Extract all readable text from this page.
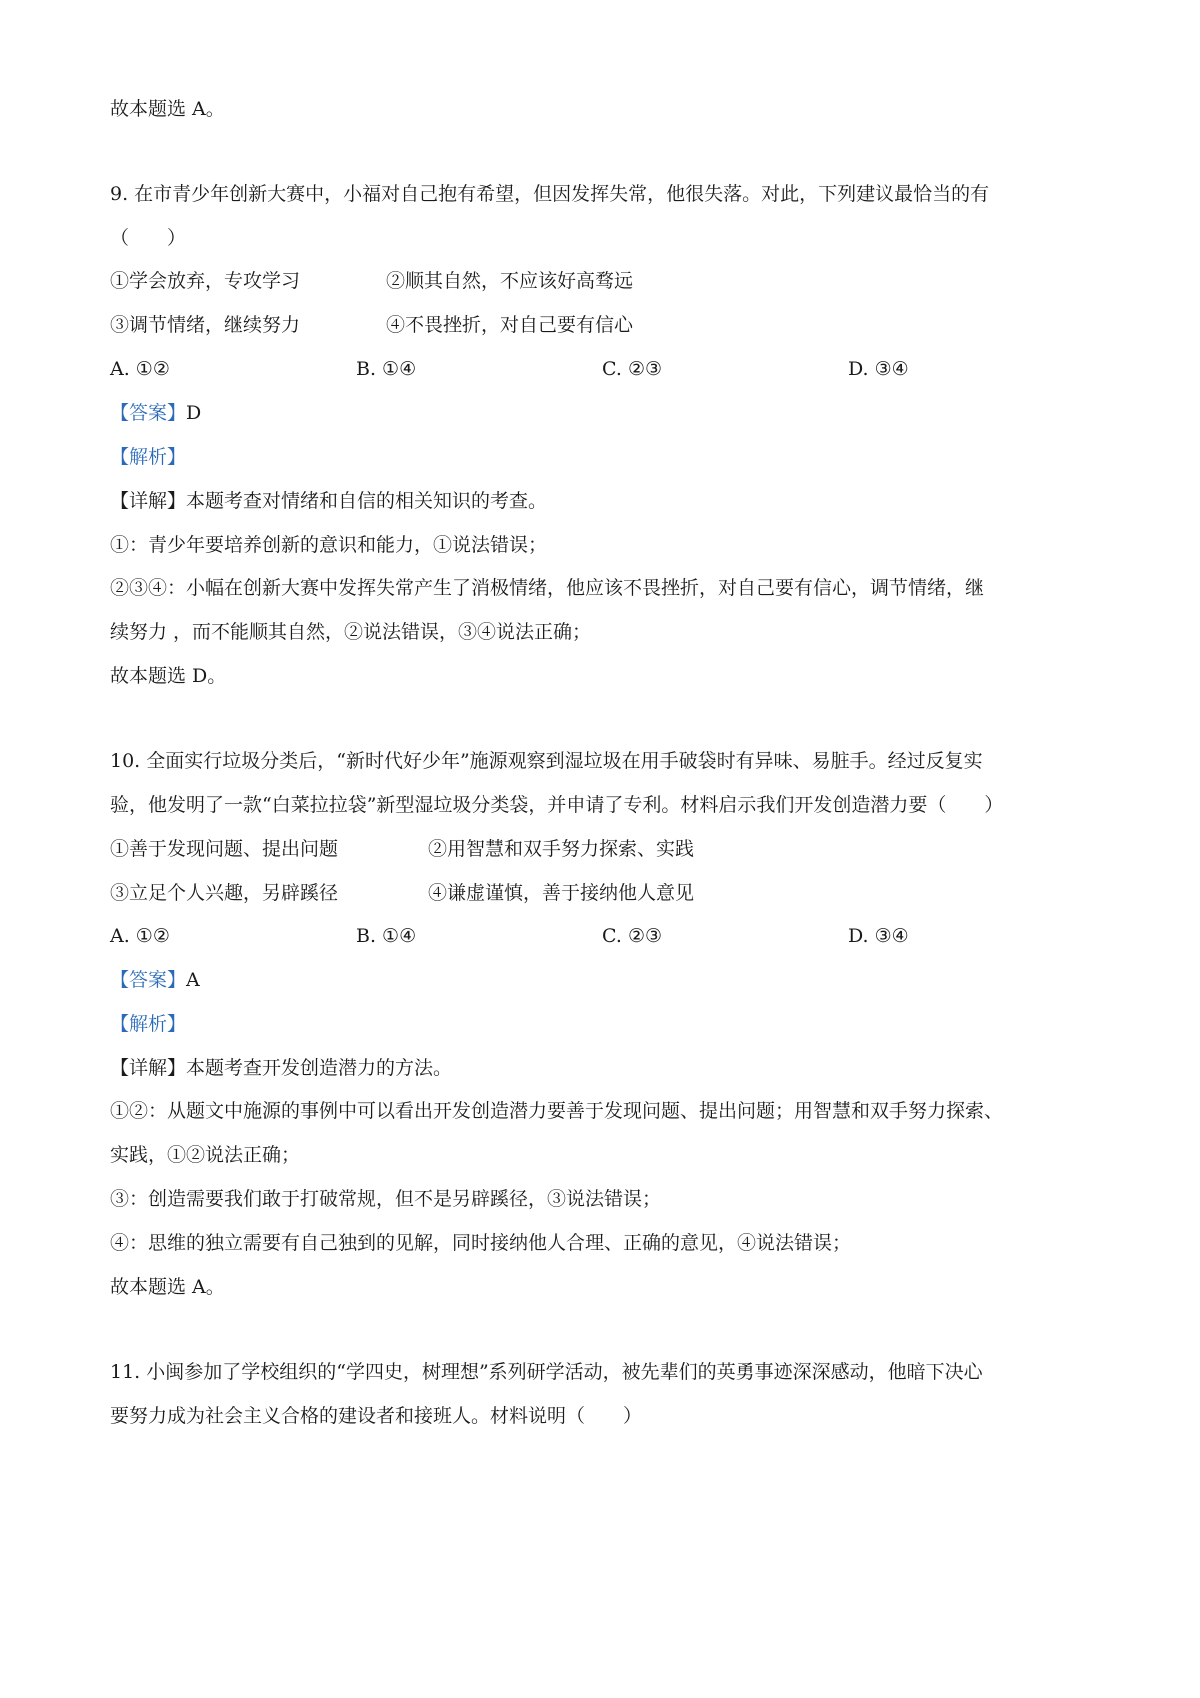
故本题选 A。
9. 在市青少年创新大赛中，小福对自己抱有希望，但因发挥失常，他很失落。对此，下列建议最恰当的有
（　　）
①学会放弃，专攻学习	②顺其自然，不应该好高骛远
③调节情绪，继续努力	④不畏挫折，对自己要有信心
A. ①②	B. ①④	C. ②③	D. ③④
【答案】D
【解析】
【详解】本题考查对情绪和自信的相关知识的考查。
①：青少年要培养创新的意识和能力，①说法错误；
②③④：小幅在创新大赛中发挥失常产生了消极情绪，他应该不畏挫折，对自己要有信心，调节情绪，继
续努力 ，而不能顺其自然，②说法错误，③④说法正确；
故本题选 D。
10. 全面实行垃圾分类后，“新时代好少年”施源观察到湿垃圾在用手破袋时有异味、易脏手。经过反复实
验，他发明了一款“白菜拉拉袋”新型湿垃圾分类袋，并申请了专利。材料启示我们开发创造潜力要（　　）
①善于发现问题、提出问题	②用智慧和双手努力探索、实践
③立足个人兴趣，另辟蹊径	④谦虚谨慎，善于接纳他人意见
A. ①②	B. ①④	C. ②③	D. ③④
【答案】A
【解析】
【详解】本题考查开发创造潜力的方法。
①②：从题文中施源的事例中可以看出开发创造潜力要善于发现问题、提出问题；用智慧和双手努力探索、
实践，①②说法正确；
③：创造需要我们敢于打破常规，但不是另辟蹊径，③说法错误；
④：思维的独立需要有自己独到的见解，同时接纳他人合理、正确的意见，④说法错误；
故本题选 A。
11. 小闽参加了学校组织的“学四史，树理想”系列研学活动，被先辈们的英勇事迹深深感动，他暗下决心
要努力成为社会主义合格的建设者和接班人。材料说明（　　）
